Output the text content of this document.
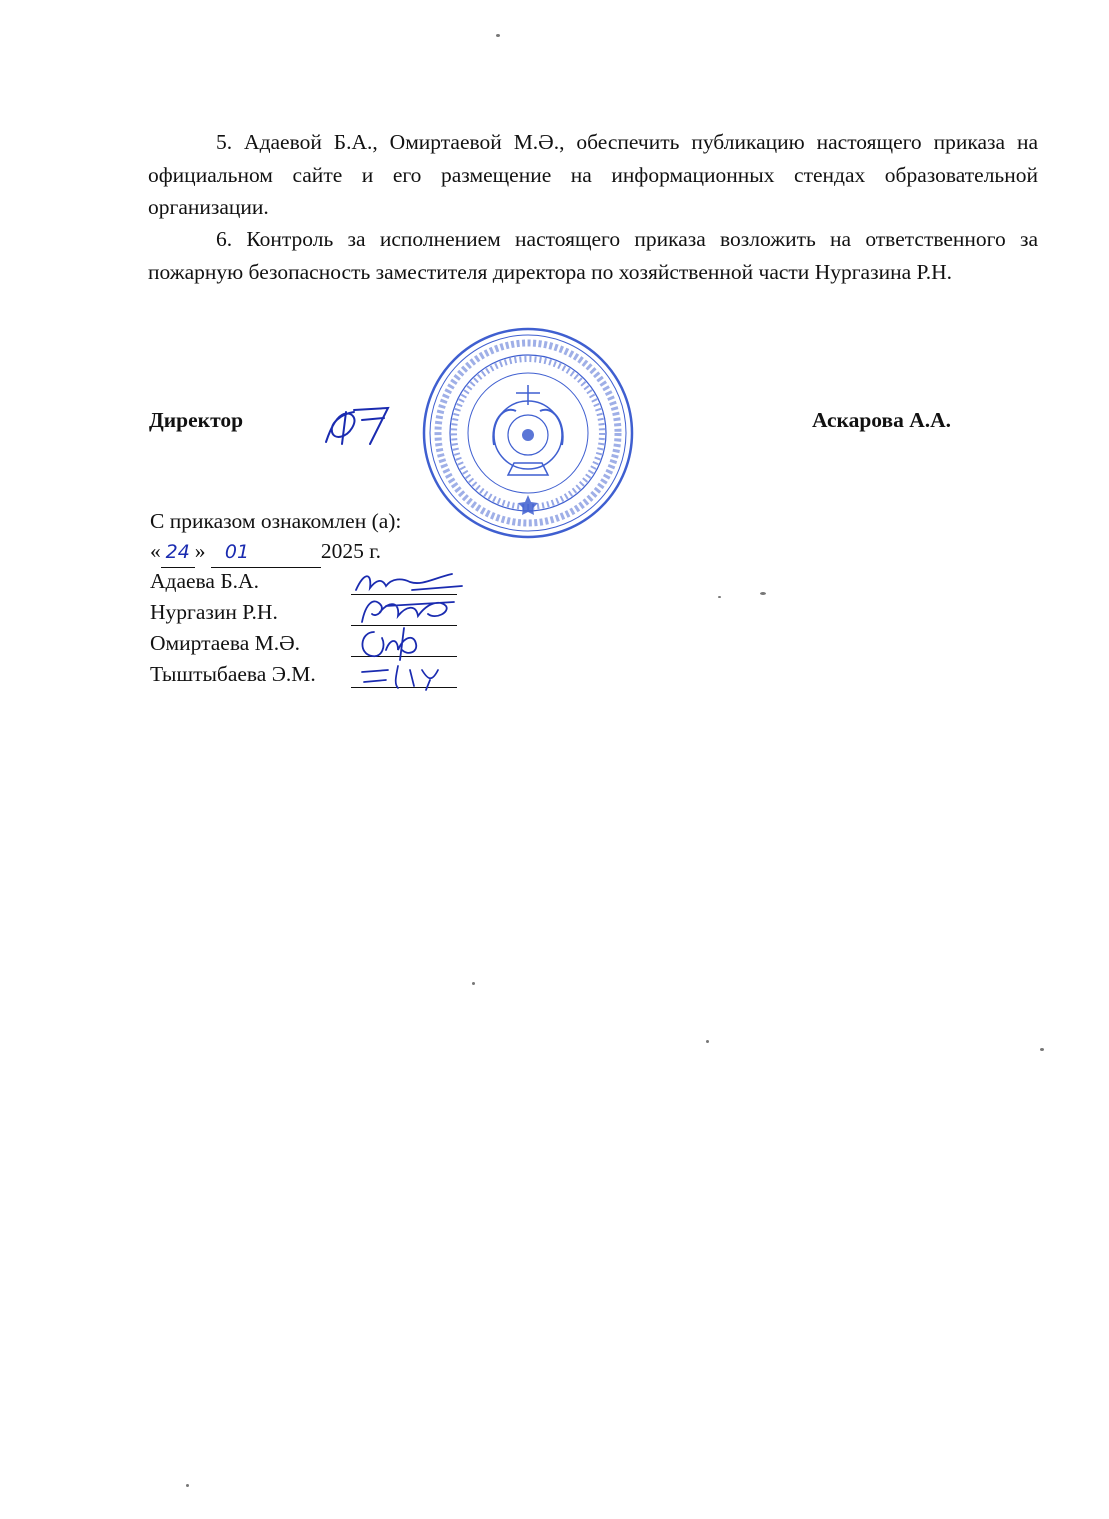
5. Адаевой Б.А., Омиртаевой М.Ә., обеспечить публикацию настоящего приказа на официальном сайте и его размещение на информационных стендах образовательной организации.

6. Контроль за исполнением настоящего приказа возложить на ответственного за пожарную безопасность заместителя директора по хозяйственной части Нургазина Р.Н.

Директор	Аскарова А.А.
С приказом ознакомлен (а):
« 24 » 01	2025 г.
Адаева Б.А.
Нургазин Р.Н.
Омиртаева М.Ә.
Тыштыбаева Э.М.
